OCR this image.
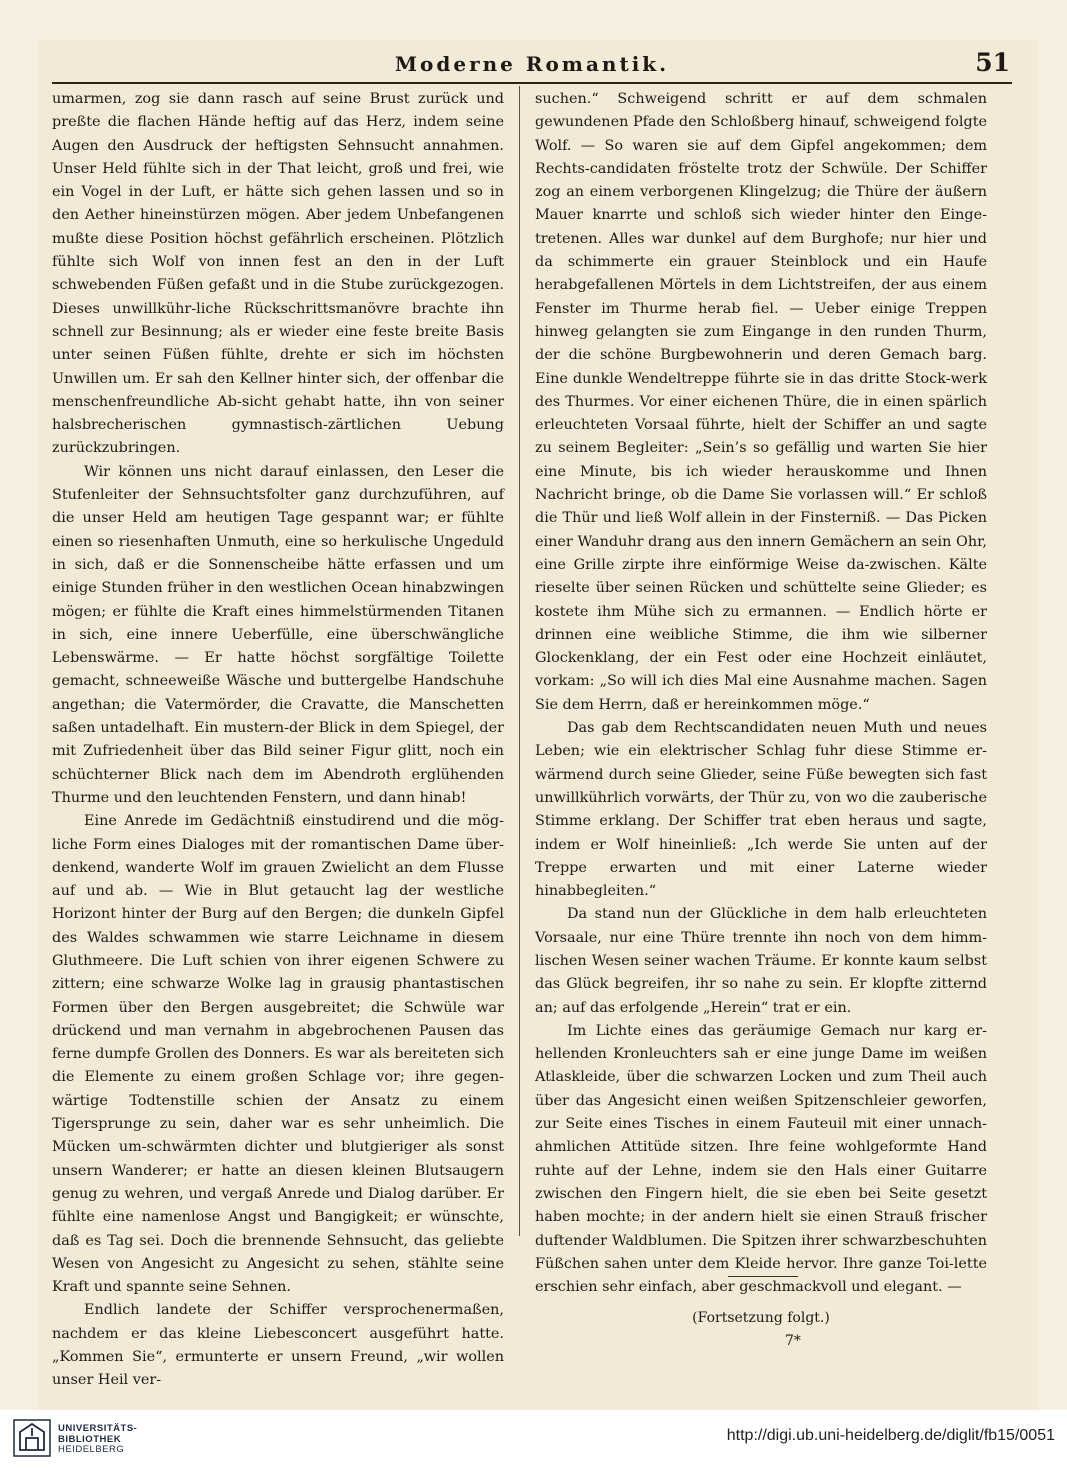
Moderne Romantik.	51

umarmen, zog sie dann rasch auf seine Brust zurück und preßte die flachen Hände heftig auf das Herz, indem seine Augen den Ausdruck der heftigsten Sehnsucht annahmen. Unser Held fühlte sich in der That leicht, groß und frei, wie ein Vogel in der Luft, er hätte sich gehen lassen und so in den Aether hineinstürzen mögen. Aber jedem Unbefangenen mußte diese Position höchst gefährlich erscheinen. Plötzlich fühlte sich Wolf von innen fest an den in der Luft schwebenden Füßen gefaßt und in die Stube zurückgezogen. Dieses unwillkühr-liche Rückschrittsmanövre brachte ihn schnell zur Besinnung; als er wieder eine feste breite Basis unter seinen Füßen fühlte, drehte er sich im höchsten Unwillen um. Er sah den Kellner hinter sich, der offenbar die menschenfreundliche Ab-sicht gehabt hatte, ihn von seiner halsbrecherischen gymnastisch-zärtlichen Uebung zurückzubringen.

Wir können uns nicht darauf einlassen, den Leser die Stufenleiter der Sehnsuchtsfolter ganz durchzuführen, auf die unser Held am heutigen Tage gespannt war; er fühlte einen so riesenhaften Unmuth, eine so herkulische Ungeduld in sich, daß er die Sonnenscheibe hätte erfassen und um einige Stunden früher in den westlichen Ocean hinabzwingen mögen; er fühlte die Kraft eines himmelstürmenden Titanen in sich, eine innere Ueberfülle, eine überschwängliche Lebenswärme. — Er hatte höchst sorgfältige Toilette gemacht, schneeweiße Wäsche und buttergelbe Handschuhe angethan; die Vatermörder, die Cravatte, die Manschetten saßen untadelhaft. Ein mustern-der Blick in dem Spiegel, der mit Zufriedenheit über das Bild seiner Figur glitt, noch ein schüchterner Blick nach dem im Abendroth erglühenden Thurme und den leuchtenden Fenstern, und dann hinab!

Eine Anrede im Gedächtniß einstudirend und die mög-liche Form eines Dialoges mit der romantischen Dame über-denkend, wanderte Wolf im grauen Zwielicht an dem Flusse auf und ab. — Wie in Blut getaucht lag der westliche Horizont hinter der Burg auf den Bergen; die dunkeln Gipfel des Waldes schwammen wie starre Leichname in diesem Gluthmeere. Die Luft schien von ihrer eigenen Schwere zu zittern; eine schwarze Wolke lag in grausig phantastischen Formen über den Bergen ausgebreitet; die Schwüle war drückend und man vernahm in abgebrochenen Pausen das ferne dumpfe Grollen des Donners. Es war als bereiteten sich die Elemente zu einem großen Schlage vor; ihre gegen-wärtige Todtenstille schien der Ansatz zu einem Tigersprunge zu sein, daher war es sehr unheimlich. Die Mücken um-schwärmten dichter und blutgieriger als sonst unsern Wanderer; er hatte an diesen kleinen Blutsaugern genug zu wehren, und vergaß Anrede und Dialog darüber. Er fühlte eine namenlose Angst und Bangigkeit; er wünschte, daß es Tag sei. Doch die brennende Sehnsucht, das geliebte Wesen von Angesicht zu Angesicht zu sehen, stählte seine Kraft und spannte seine Sehnen.

Endlich landete der Schiffer versprochenermaßen, nachdem er das kleine Liebesconcert ausgeführt hatte. „Kommen Sie“, ermunterte er unsern Freund, „wir wollen unser Heil ver-

suchen.“ Schweigend schritt er auf dem schmalen gewundenen Pfade den Schloßberg hinauf, schweigend folgte Wolf. — So waren sie auf dem Gipfel angekommen; dem Rechts-candidaten fröstelte trotz der Schwüle. Der Schiffer zog an einem verborgenen Klingelzug; die Thüre der äußern Mauer knarrte und schloß sich wieder hinter den Einge-tretenen. Alles war dunkel auf dem Burghofe; nur hier und da schimmerte ein grauer Steinblock und ein Haufe herabgefallenen Mörtels in dem Lichtstreifen, der aus einem Fenster im Thurme herab fiel. — Ueber einige Treppen hinweg gelangten sie zum Eingange in den runden Thurm, der die schöne Burgbewohnerin und deren Gemach barg. Eine dunkle Wendeltreppe führte sie in das dritte Stock-werk des Thurmes. Vor einer eichenen Thüre, die in einen spärlich erleuchteten Vorsaal führte, hielt der Schiffer an und sagte zu seinem Begleiter: „Sein’s so gefällig und warten Sie hier eine Minute, bis ich wieder herauskomme und Ihnen Nachricht bringe, ob die Dame Sie vorlassen will.“ Er schloß die Thür und ließ Wolf allein in der Finsterniß. — Das Picken einer Wanduhr drang aus den innern Gemächern an sein Ohr, eine Grille zirpte ihre einförmige Weise da-zwischen. Kälte rieselte über seinen Rücken und schüttelte seine Glieder; es kostete ihm Mühe sich zu ermannen. — Endlich hörte er drinnen eine weibliche Stimme, die ihm wie silberner Glockenklang, der ein Fest oder eine Hochzeit einläutet, vorkam: „So will ich dies Mal eine Ausnahme machen. Sagen Sie dem Herrn, daß er hereinkommen möge.“

Das gab dem Rechtscandidaten neuen Muth und neues Leben; wie ein elektrischer Schlag fuhr diese Stimme er-wärmend durch seine Glieder, seine Füße bewegten sich fast unwillkührlich vorwärts, der Thür zu, von wo die zauberische Stimme erklang. Der Schiffer trat eben heraus und sagte, indem er Wolf hineinließ: „Ich werde Sie unten auf der Treppe erwarten und mit einer Laterne wieder hinabbegleiten.“

Da stand nun der Glückliche in dem halb erleuchteten Vorsaale, nur eine Thüre trennte ihn noch von dem himm-lischen Wesen seiner wachen Träume. Er konnte kaum selbst das Glück begreifen, ihr so nahe zu sein. Er klopfte zitternd an; auf das erfolgende „Herein“ trat er ein.

Im Lichte eines das geräumige Gemach nur karg er-hellenden Kronleuchters sah er eine junge Dame im weißen Atlaskleide, über die schwarzen Locken und zum Theil auch über das Angesicht einen weißen Spitzenschleier geworfen, zur Seite eines Tisches in einem Fauteuil mit einer unnach-ahmlichen Attitüde sitzen. Ihre feine wohlgeformte Hand ruhte auf der Lehne, indem sie den Hals einer Guitarre zwischen den Fingern hielt, die sie eben bei Seite gesetzt haben mochte; in der andern hielt sie einen Strauß frischer duftender Waldblumen. Die Spitzen ihrer schwarzbeschuhten Füßchen sahen unter dem Kleide hervor. Ihre ganze Toi-lette erschien sehr einfach, aber geschmackvoll und elegant. —

(Fortsetzung folgt.)
7*
UNIVERSITÄTS-
BIBLIOTHEK
HEIDELBERG
http://digi.ub.uni-heidelberg.de/diglit/fb15/0051
